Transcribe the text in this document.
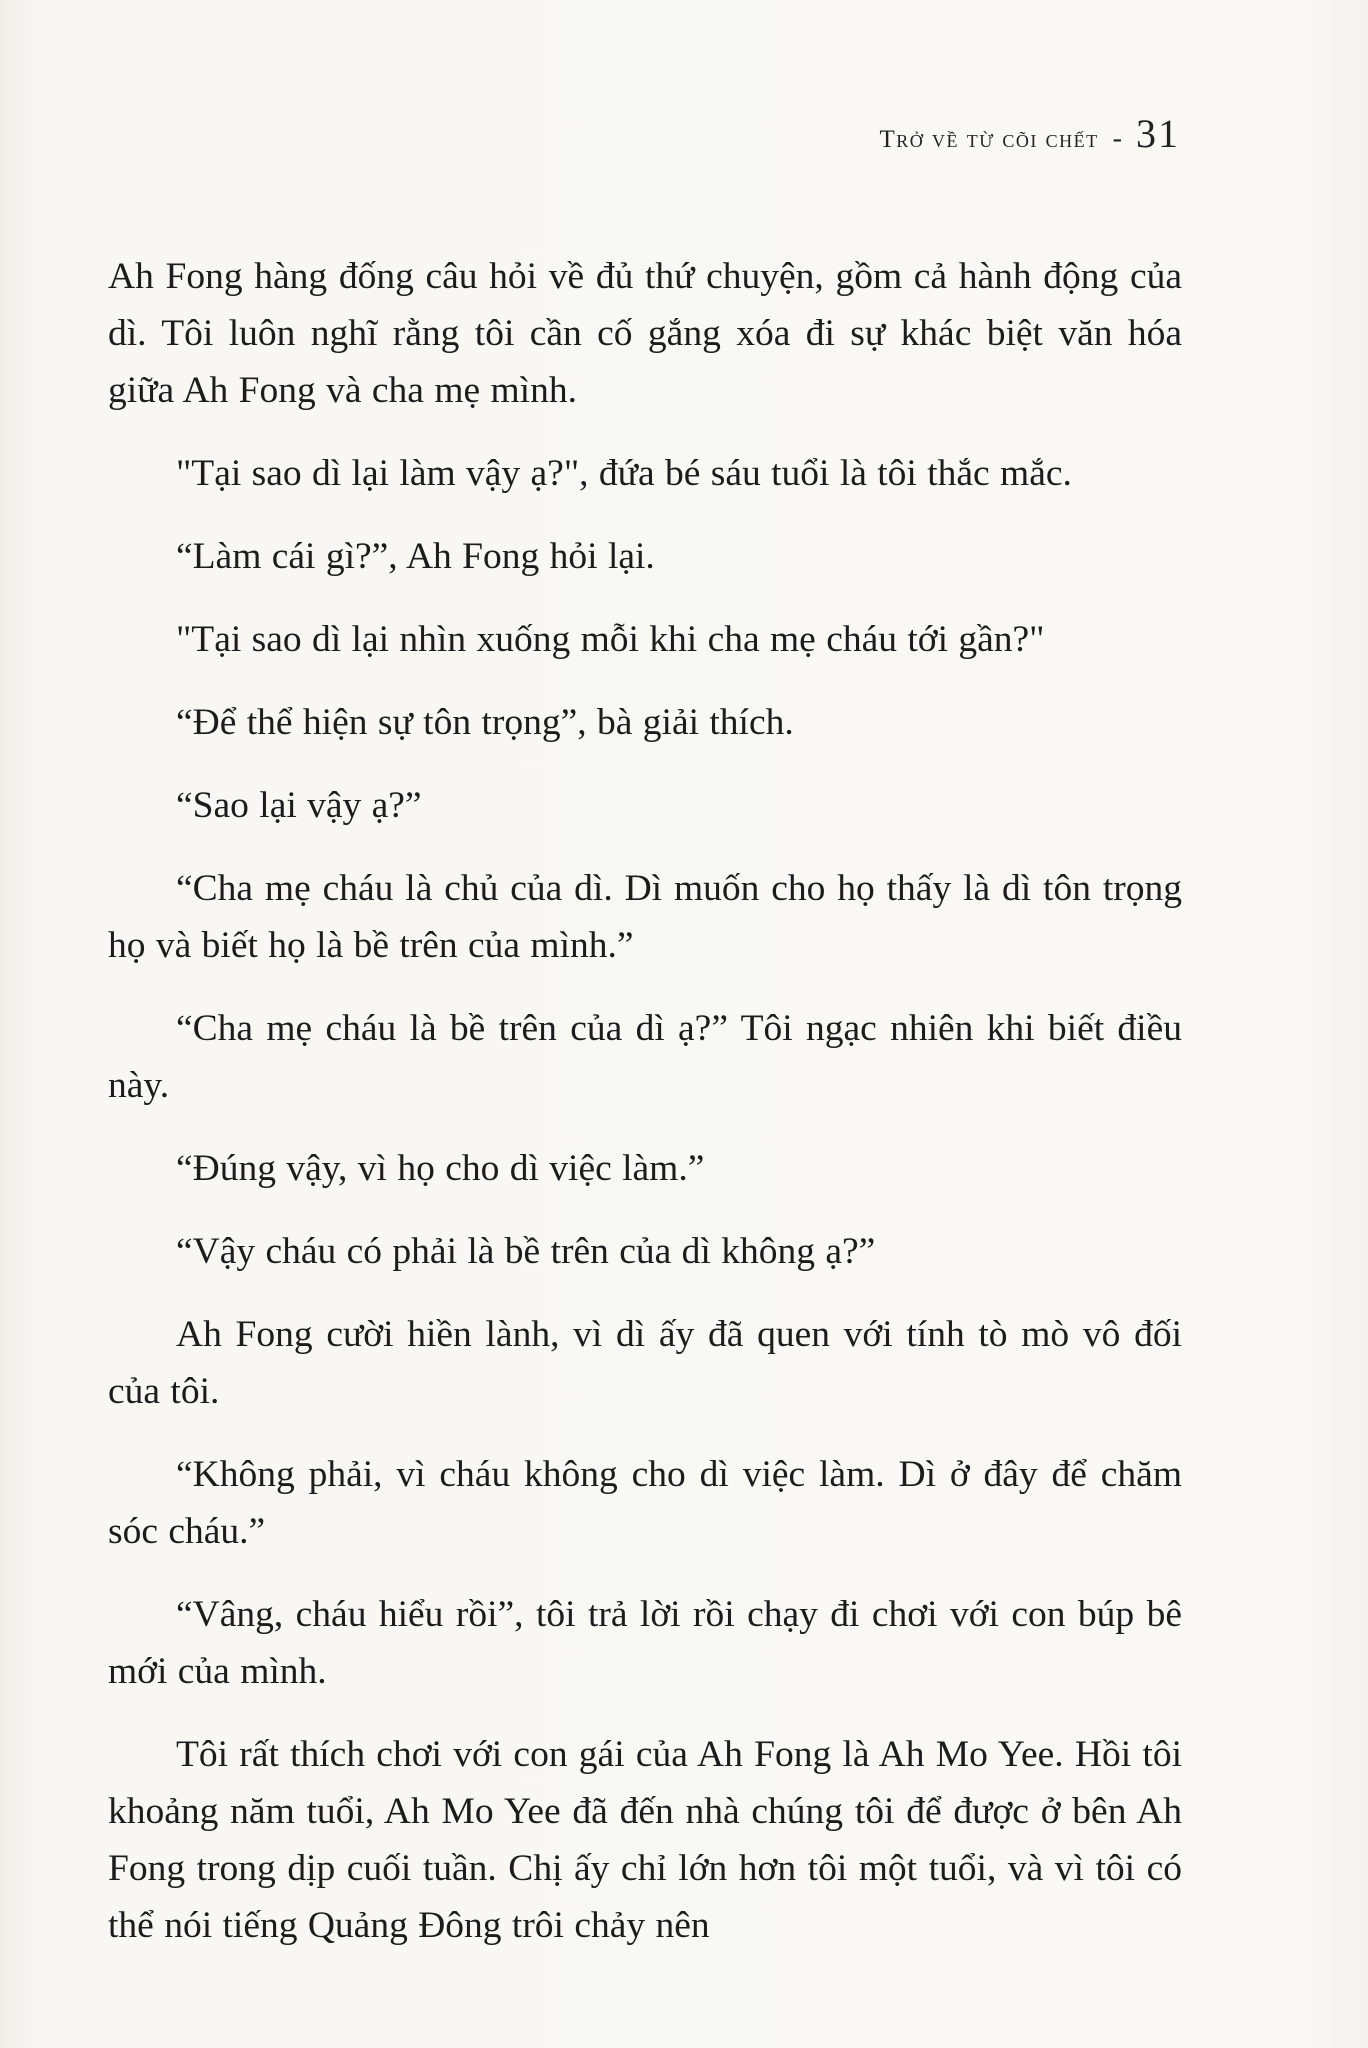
Trở về từ cõi chết - 31

Ah Fong hàng đống câu hỏi về đủ thứ chuyện, gồm cả hành động của dì. Tôi luôn nghĩ rằng tôi cần cố gắng xóa đi sự khác biệt văn hóa giữa Ah Fong và cha mẹ mình.

"Tại sao dì lại làm vậy ạ?", đứa bé sáu tuổi là tôi thắc mắc.

“Làm cái gì?”, Ah Fong hỏi lại.

"Tại sao dì lại nhìn xuống mỗi khi cha mẹ cháu tới gần?"

“Để thể hiện sự tôn trọng”, bà giải thích.

“Sao lại vậy ạ?”

“Cha mẹ cháu là chủ của dì. Dì muốn cho họ thấy là dì tôn trọng họ và biết họ là bề trên của mình.”

“Cha mẹ cháu là bề trên của dì ạ?” Tôi ngạc nhiên khi biết điều này.

“Đúng vậy, vì họ cho dì việc làm.”

“Vậy cháu có phải là bề trên của dì không ạ?”

Ah Fong cười hiền lành, vì dì ấy đã quen với tính tò mò vô đối của tôi.

“Không phải, vì cháu không cho dì việc làm. Dì ở đây để chăm sóc cháu.”

“Vâng, cháu hiểu rồi”, tôi trả lời rồi chạy đi chơi với con búp bê mới của mình.

Tôi rất thích chơi với con gái của Ah Fong là Ah Mo Yee. Hồi tôi khoảng năm tuổi, Ah Mo Yee đã đến nhà chúng tôi để được ở bên Ah Fong trong dịp cuối tuần. Chị ấy chỉ lớn hơn tôi một tuổi, và vì tôi có thể nói tiếng Quảng Đông trôi chảy nên
